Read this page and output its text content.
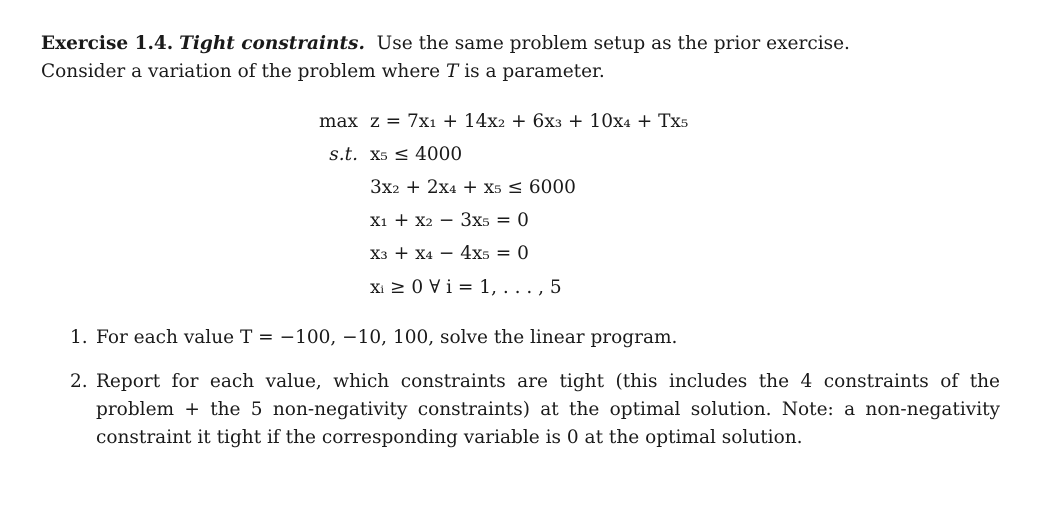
Exercise 1.4. Tight constraints. Use the same problem setup as the prior exercise.
Consider a variation of the problem where T is a parameter.
max z = 7x₁ + 14x₂ + 6x₃ + 10x₄ + Tx₅
s.t. x₅ ≤ 4000
3x₂ + 2x₄ + x₅ ≤ 6000
x₁ + x₂ − 3x₅ = 0
x₃ + x₄ − 4x₅ = 0
xᵢ ≥ 0 ∀ i = 1, . . . , 5
1. For each value T = −100, −10, 100, solve the linear program.
2. Report for each value, which constraints are tight (this includes the 4 constraints of the problem + the 5 non-negativity constraints) at the optimal solution. Note: a non-negativity constraint it tight if the corresponding variable is 0 at the optimal solution.
